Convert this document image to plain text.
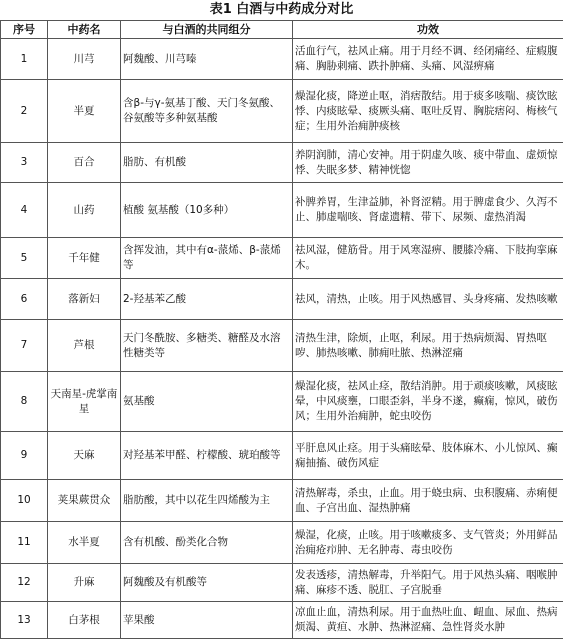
表1 白酒与中药成分对比
序号	中药名	与白酒的共同组分	功效
1	川芎	阿魏酸、川芎嗪	活血行气，祛风止痛。用于月经不调、经闭痛经、症瘕腹痛、胸胁刺痛、跌扑肿痛、头痛、风湿痹痛
2	半夏	含β-与γ-氨基丁酸、天门冬氨酸、谷氨酸等多种氨基酸	燥湿化痰，降逆止呕，消痞散结。用于痰多咳喘、痰饮眩悸、内痰眩晕、痰厥头痛、呕吐反胃、胸脘痞闷、梅核气症；生用外治痈肿痰核
3	百合	脂肪、有机酸	养阴润肺，清心安神。用于阴虚久咳、痰中带血、虚烦惊悸、失眠多梦、精神恍惚
4	山药	植酸 氨基酸（10多种）	补脾养胃，生津益肺，补肾涩精。用于脾虚食少、久泻不止、肺虚喘咳、肾虚遗精、带下、尿频、虚热消渴
5	千年健	含挥发油，其中有α-蒎烯、β-蒎烯等	祛风湿，健筋骨。用于风寒湿痹、腰膝冷痛、下肢拘挛麻木。
6	落新妇	2-羟基苯乙酸	祛风，清热，止咳。用于风热感冒、头身疼痛、发热咳嗽
7	芦根	天门冬酰胺、多糖类、糖醛及水溶性糖类等	清热生津，除烦，止呕，利尿。用于热病烦渴、胃热呕哕、肺热咳嗽、肺痈吐脓、热淋涩痛
8	天南星-虎掌南星	氨基酸	燥湿化痰，祛风止痉，散结消肿。用于顽痰咳嗽，风痰眩晕，中风痰壅，口眼歪斜，半身不遂，癫痫，惊风，破伤风；生用外治痈肿，蛇虫咬伤
9	天麻	对羟基苯甲醛、柠檬酸、琥珀酸等	平肝息风止痉。用于头痛眩晕、肢体麻木、小儿惊风、癫痫抽搐、破伤风症
10	荚果蕨贯众	脂肪酸，其中以花生四烯酸为主	清热解毒，杀虫，止血。用于蛲虫病、虫积腹痛、赤痢便血、子宫出血、湿热肿痛
11	水半夏	含有机酸、酚类化合物	燥湿，化痰，止咳。用于咳嗽痰多、支气管炎；外用鲜品治痈疮疖肿、无名肿毒、毒虫咬伤
12	升麻	阿魏酸及有机酸等	发表透疹，清热解毒，升举阳气。用于风热头痛、咽喉肿痛、麻疹不透、脱肛、子宫脱垂
13	白茅根	苹果酸	凉血止血，清热利尿。用于血热吐血、衄血、尿血、热病烦渴、黄疸、水肿、热淋涩痛、急性肾炎水肿
